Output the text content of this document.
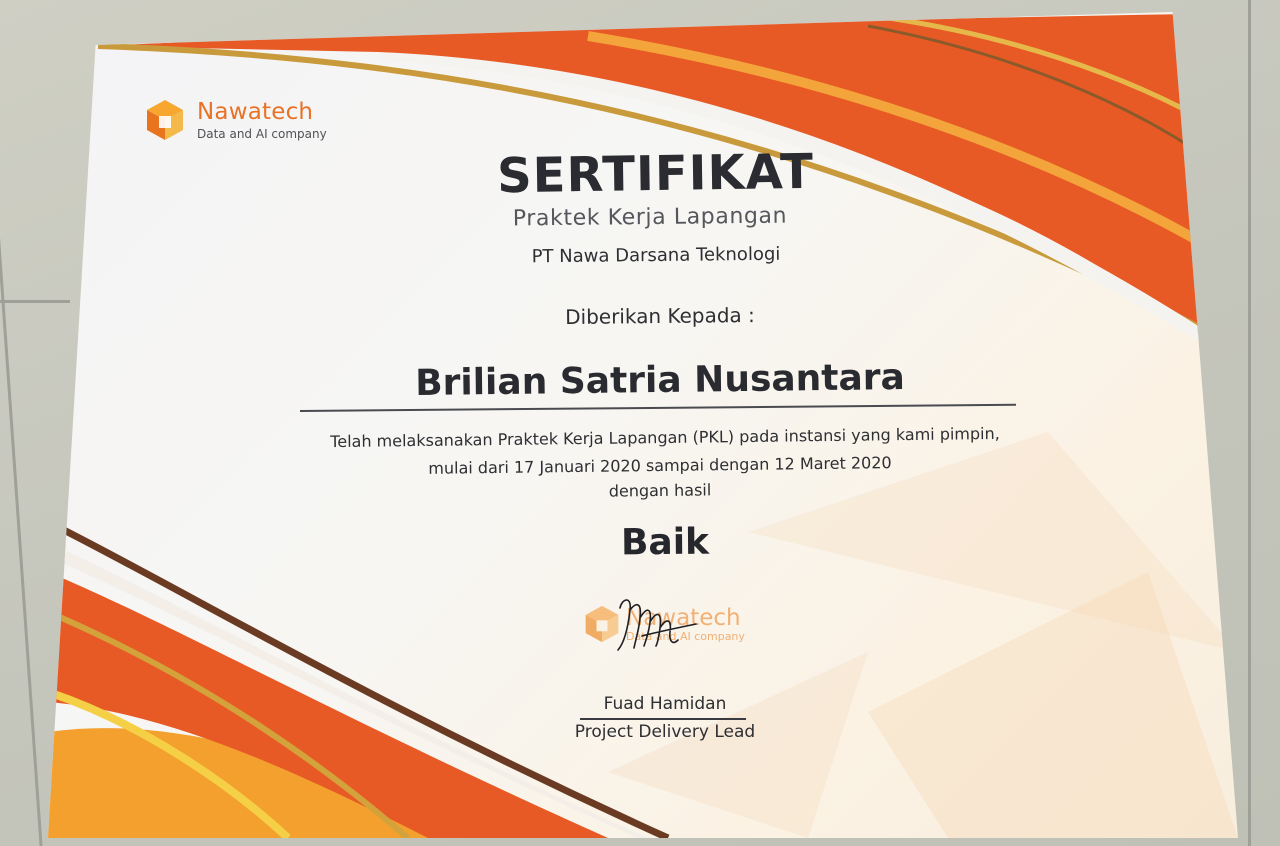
Nawatech
Data and AI company
SERTIFIKAT
Praktek Kerja Lapangan
PT Nawa Darsana Teknologi
Diberikan Kepada :
Brilian Satria Nusantara
Telah melaksanakan Praktek Kerja Lapangan (PKL) pada instansi yang kami pimpin,
mulai dari 17 Januari 2020 sampai dengan 12 Maret 2020
dengan hasil
Baik
Nawatech
Data and AI company
Fuad Hamidan
Project Delivery Lead
